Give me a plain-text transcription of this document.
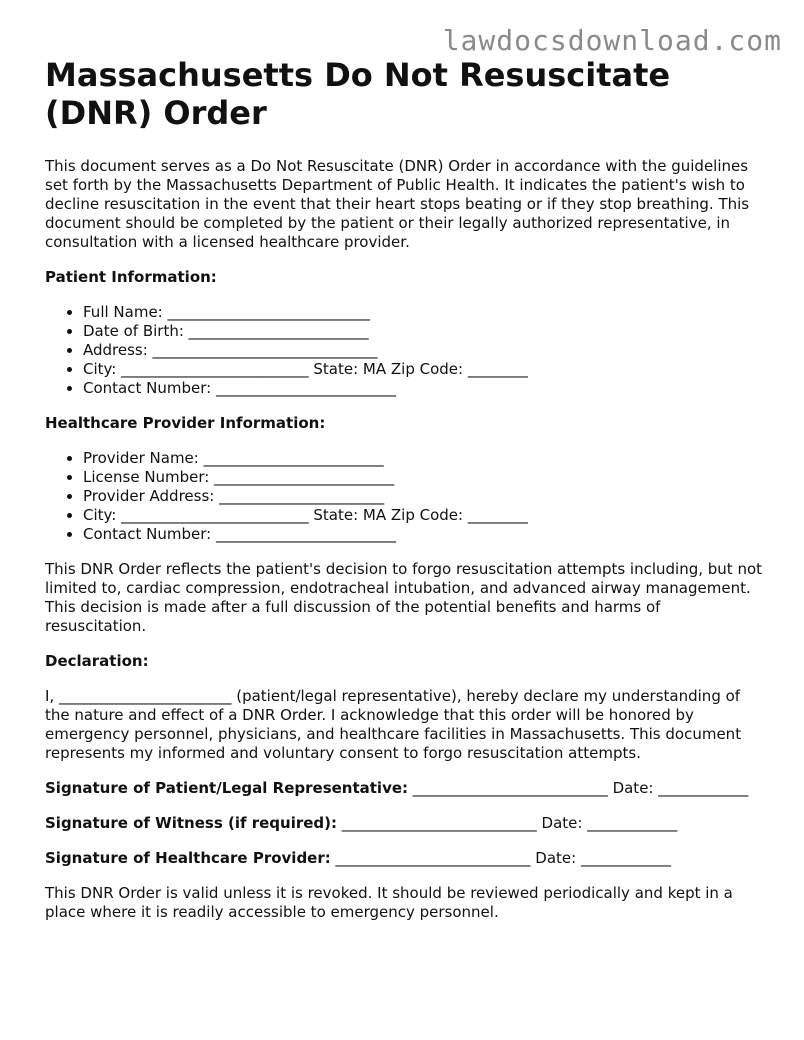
lawdocsdownload.com
Massachusetts Do Not Resuscitate (DNR) Order

This document serves as a Do Not Resuscitate (DNR) Order in accordance with the guidelines set forth by the Massachusetts Department of Public Health. It indicates the patient's wish to decline resuscitation in the event that their heart stops beating or if they stop breathing. This document should be completed by the patient or their legally authorized representative, in consultation with a licensed healthcare provider.

Patient Information:
• Full Name: ___________________________
• Date of Birth: ________________________
• Address: ______________________________
• City: _________________________ State: MA Zip Code: ________
• Contact Number: ________________________
Healthcare Provider Information:
• Provider Name: ________________________
• License Number: ________________________
• Provider Address: ______________________
• City: _________________________ State: MA Zip Code: ________
• Contact Number: ________________________

This DNR Order reflects the patient's decision to forgo resuscitation attempts including, but not limited to, cardiac compression, endotracheal intubation, and advanced airway management. This decision is made after a full discussion of the potential benefits and harms of resuscitation.

Declaration:

I, _______________________ (patient/legal representative), hereby declare my understanding of the nature and effect of a DNR Order. I acknowledge that this order will be honored by emergency personnel, physicians, and healthcare facilities in Massachusetts. This document represents my informed and voluntary consent to forgo resuscitation attempts.

Signature of Patient/Legal Representative: __________________________ Date: ____________
Signature of Witness (if required): __________________________ Date: ____________
Signature of Healthcare Provider: __________________________ Date: ____________

This DNR Order is valid unless it is revoked. It should be reviewed periodically and kept in a place where it is readily accessible to emergency personnel.
